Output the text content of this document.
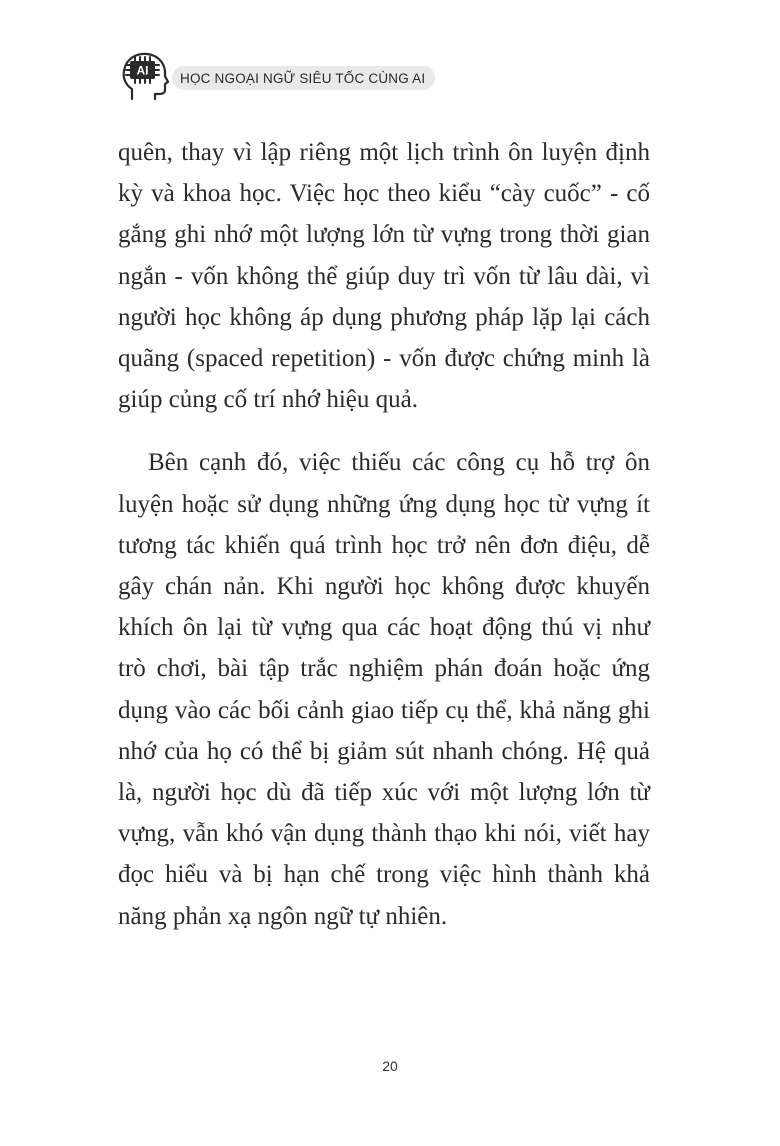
AI	HỌC NGOẠI NGỮ SIÊU TỐC CÙNG AI

quên, thay vì lập riêng một lịch trình ôn luyện định kỳ và khoa học. Việc học theo kiểu “cày cuốc” - cố gắng ghi nhớ một lượng lớn từ vựng trong thời gian ngắn - vốn không thể giúp duy trì vốn từ lâu dài, vì người học không áp dụng phương pháp lặp lại cách quãng (spaced repetition) - vốn được chứng minh là giúp củng cố trí nhớ hiệu quả.

Bên cạnh đó, việc thiếu các công cụ hỗ trợ ôn luyện hoặc sử dụng những ứng dụng học từ vựng ít tương tác khiến quá trình học trở nên đơn điệu, dễ gây chán nản. Khi người học không được khuyến khích ôn lại từ vựng qua các hoạt động thú vị như trò chơi, bài tập trắc nghiệm phán đoán hoặc ứng dụng vào các bối cảnh giao tiếp cụ thể, khả năng ghi nhớ của họ có thể bị giảm sút nhanh chóng. Hệ quả là, người học dù đã tiếp xúc với một lượng lớn từ vựng, vẫn khó vận dụng thành thạo khi nói, viết hay đọc hiểu và bị hạn chế trong việc hình thành khả năng phản xạ ngôn ngữ tự nhiên.

20
